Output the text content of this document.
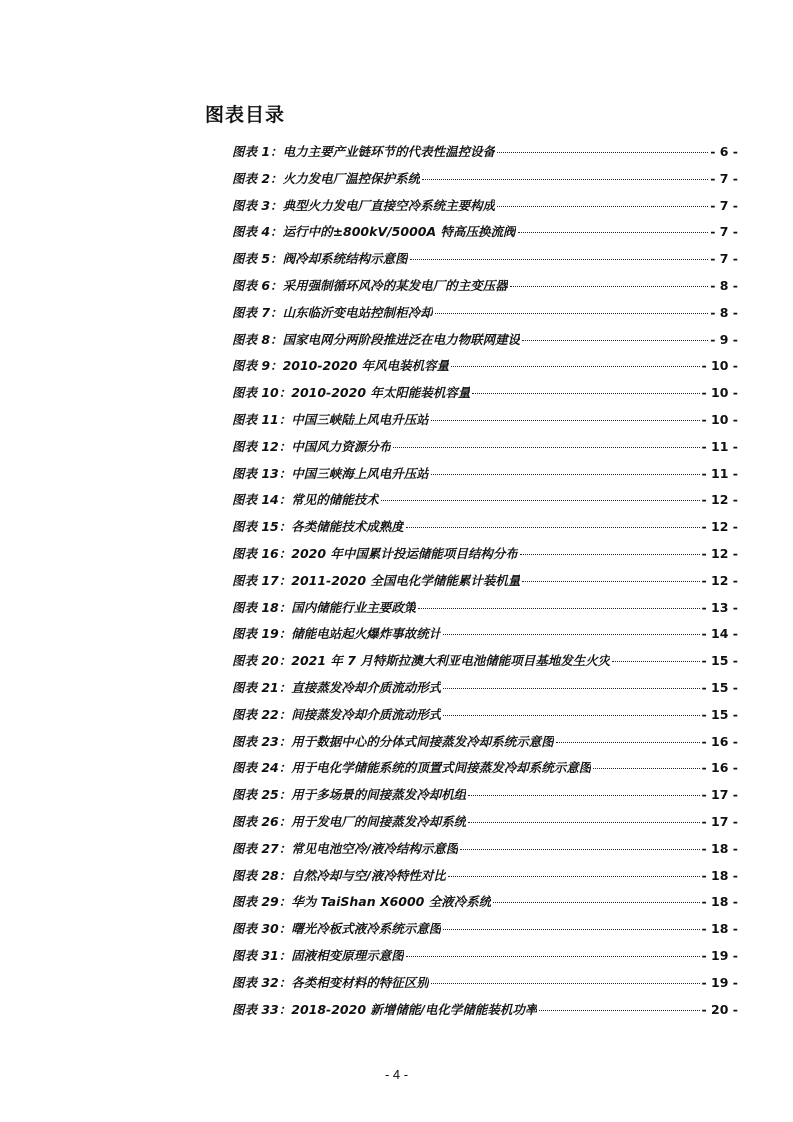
图表目录
图表 1： 电力主要产业链环节的代表性温控设备	- 6 -
图表 2： 火力发电厂温控保护系统	- 7 -
图表 3： 典型火力发电厂直接空冷系统主要构成	- 7 -
图表 4： 运行中的±800kV/5000A 特高压换流阀	- 7 -
图表 5： 阀冷却系统结构示意图	- 7 -
图表 6： 采用强制循环风冷的某发电厂的主变压器	- 8 -
图表 7： 山东临沂变电站控制柜冷却	- 8 -
图表 8： 国家电网分两阶段推进泛在电力物联网建设	- 9 -
图表 9： 2010-2020 年风电装机容量	- 10 -
图表 10： 2010-2020 年太阳能装机容量	- 10 -
图表 11： 中国三峡陆上风电升压站	- 10 -
图表 12： 中国风力资源分布	- 11 -
图表 13： 中国三峡海上风电升压站	- 11 -
图表 14： 常见的储能技术	- 12 -
图表 15： 各类储能技术成熟度	- 12 -
图表 16： 2020 年中国累计投运储能项目结构分布	- 12 -
图表 17： 2011-2020 全国电化学储能累计装机量	- 12 -
图表 18： 国内储能行业主要政策	- 13 -
图表 19： 储能电站起火爆炸事故统计	- 14 -
图表 20： 2021 年 7 月特斯拉澳大利亚电池储能项目基地发生火灾	- 15 -
图表 21： 直接蒸发冷却介质流动形式	- 15 -
图表 22： 间接蒸发冷却介质流动形式	- 15 -
图表 23： 用于数据中心的分体式间接蒸发冷却系统示意图	- 16 -
图表 24： 用于电化学储能系统的顶置式间接蒸发冷却系统示意图	- 16 -
图表 25： 用于多场景的间接蒸发冷却机组	- 17 -
图表 26： 用于发电厂的间接蒸发冷却系统	- 17 -
图表 27： 常见电池空冷/液冷结构示意图	- 18 -
图表 28： 自然冷却与空/液冷特性对比	- 18 -
图表 29： 华为 TaiShan X6000 全液冷系统	- 18 -
图表 30： 曙光冷板式液冷系统示意图	- 18 -
图表 31： 固液相变原理示意图	- 19 -
图表 32： 各类相变材料的特征区别	- 19 -
图表 33： 2018-2020 新增储能/电化学储能装机功率	- 20 -
- 4 -
